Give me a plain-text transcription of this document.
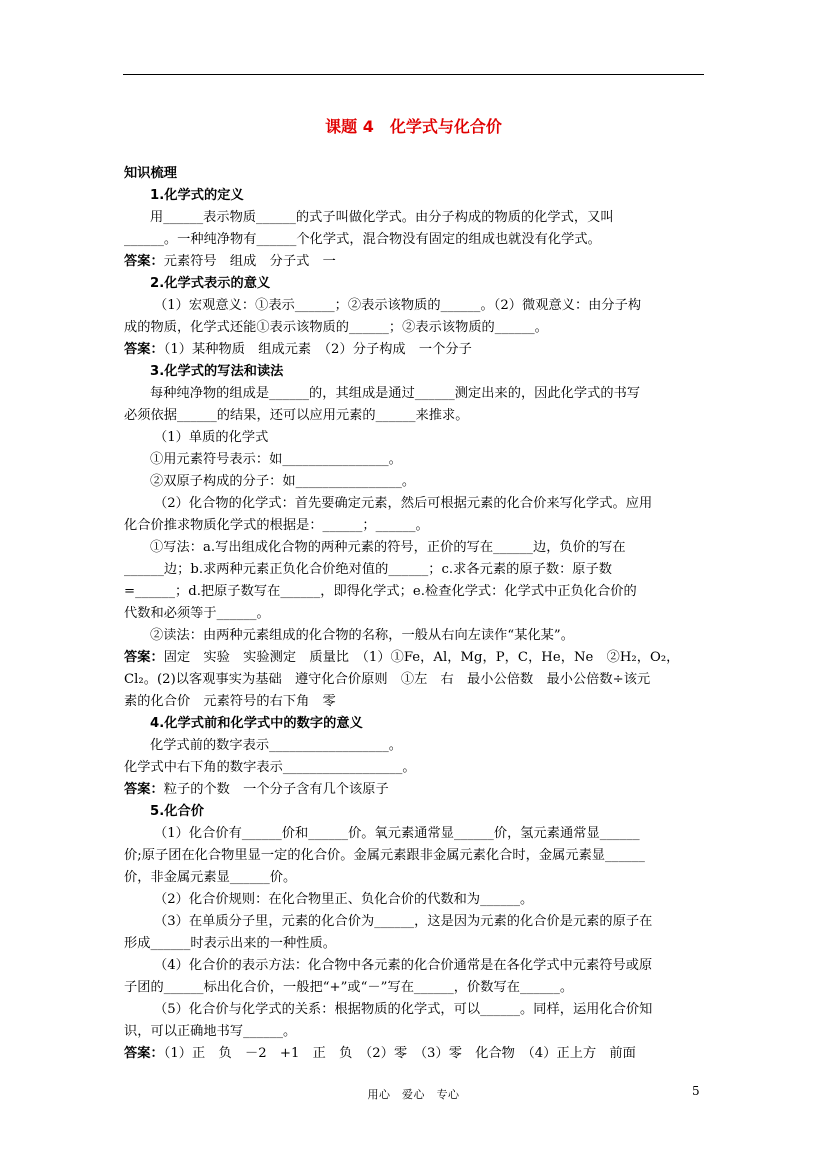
课题 4　化学式与化合价

知识梳理

1.化学式的定义

用______表示物质______的式子叫做化学式。由分子构成的物质的化学式，又叫

______。一种纯净物有______个化学式，混合物没有固定的组成也就没有化学式。

答案：元素符号　组成　分子式　一

2.化学式表示的意义

（1）宏观意义：①表示______；②表示该物质的______。（2）微观意义：由分子构

成的物质，化学式还能①表示该物质的______；②表示该物质的______。

答案：（1）某种物质　组成元素　（2）分子构成　一个分子

3.化学式的写法和读法

每种纯净物的组成是______的，其组成是通过______测定出来的，因此化学式的书写

必须依据______的结果，还可以应用元素的______来推求。

（1）单质的化学式

①用元素符号表示：如________________。

②双原子构成的分子：如________________。

（2）化合物的化学式：首先要确定元素，然后可根据元素的化合价来写化学式。应用

化合价推求物质化学式的根据是：______；______。

①写法：a.写出组成化合物的两种元素的符号，正价的写在______边，负价的写在

______边；b.求两种元素正负化合价绝对值的______；c.求各元素的原子数：原子数

=______；d.把原子数写在______，即得化学式；e.检查化学式：化学式中正负化合价的

代数和必须等于______。

②读法：由两种元素组成的化合物的名称，一般从右向左读作“某化某”。

答案：固定　实验　实验测定　质量比　（1）①Fe，Al，Mg，P，C，He，Ne　②H₂，O₂，

Cl₂。(2)以客观事实为基础　遵守化合价原则　①左　右　最小公倍数　最小公倍数÷该元

素的化合价　元素符号的右下角　零

4.化学式前和化学式中的数字的意义

化学式前的数字表示__________________。

化学式中右下角的数字表示__________________。

答案：粒子的个数　一个分子含有几个该原子

5.化合价

（1）化合价有______价和______价。氧元素通常显______价，氢元素通常显______

价;原子团在化合物里显一定的化合价。金属元素跟非金属元素化合时，金属元素显______

价，非金属元素显______价。

（2）化合价规则：在化合物里正、负化合价的代数和为______。

（3）在单质分子里，元素的化合价为______，这是因为元素的化合价是元素的原子在

形成______时表示出来的一种性质。

（4）化合价的表示方法：化合物中各元素的化合价通常是在各化学式中元素符号或原

子团的______标出化合价，一般把“+”或“－”写在______，价数写在______。

（5）化合价与化学式的关系：根据物质的化学式，可以______。同样，运用化合价知

识，可以正确地书写______。

答案：（1）正　负　－2　+1　正　负　（2）零　（3）零　化合物　（4）正上方　前面

用心　爱心　专心	5
